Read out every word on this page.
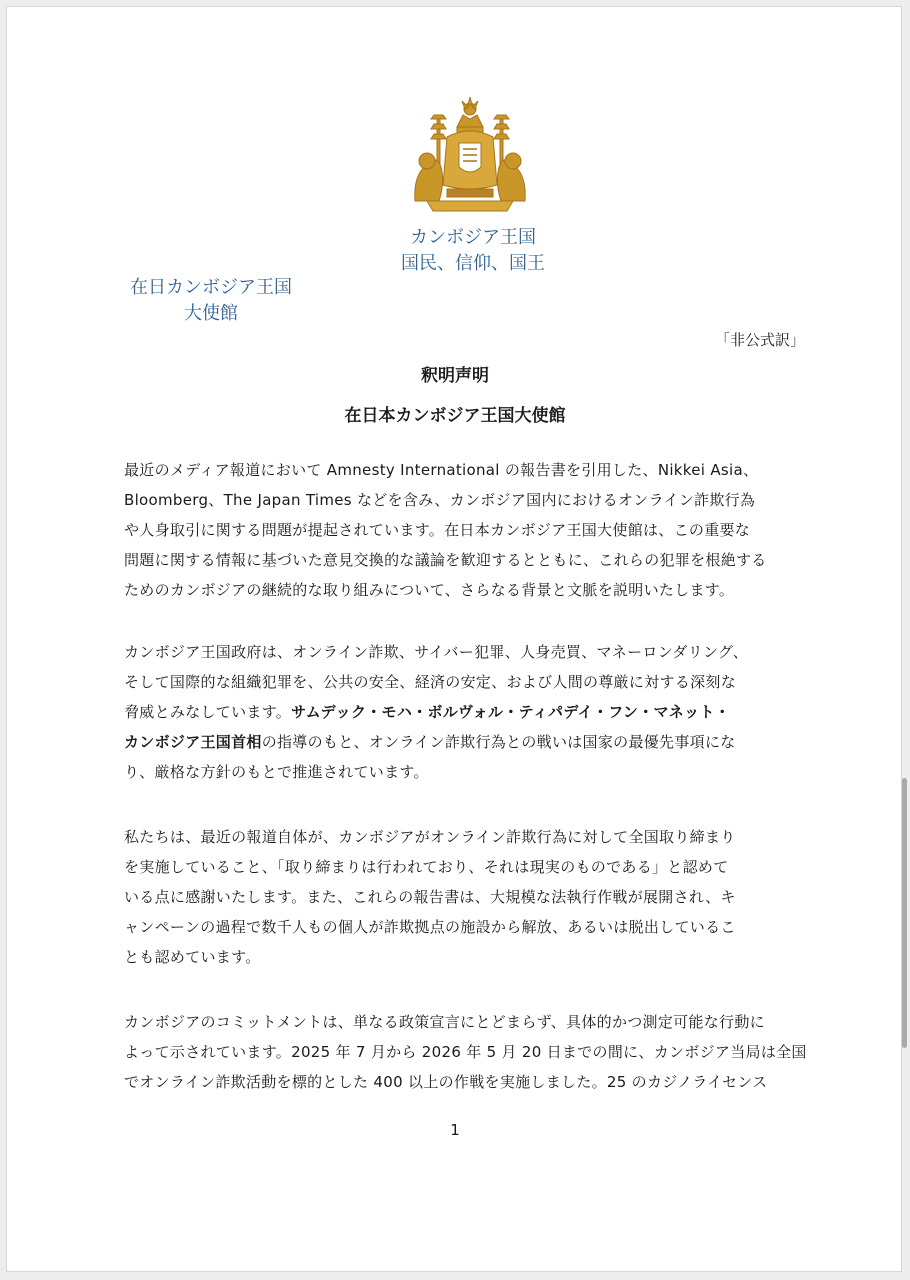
カンボジア王国
国民、信仰、国王
在日カンボジア王国
大使館
「非公式訳」
釈明声明
在日本カンボジア王国大使館
最近のメディア報道において Amnesty International の報告書を引用した、Nikkei Asia、
Bloomberg、The Japan Times などを含み、カンボジア国内におけるオンライン詐欺行為
や人身取引に関する問題が提起されています。在日本カンボジア王国大使館は、この重要な
問題に関する情報に基づいた意見交換的な議論を歓迎するとともに、これらの犯罪を根絶する
ためのカンボジアの継続的な取り組みについて、さらなる背景と文脈を説明いたします。
カンボジア王国政府は、オンライン詐欺、サイバー犯罪、人身売買、マネーロンダリング、
そして国際的な組織犯罪を、公共の安全、経済の安定、および人間の尊厳に対する深刻な
脅威とみなしています。サムデック・モハ・ボルヴォル・ティパデイ・フン・マネット・
カンボジア王国首相の指導のもと、オンライン詐欺行為との戦いは国家の最優先事項にな
り、厳格な方針のもとで推進されています。
私たちは、最近の報道自体が、カンボジアがオンライン詐欺行為に対して全国取り締まり
を実施していること、「取り締まりは行われており、それは現実のものである」と認めて
いる点に感謝いたします。また、これらの報告書は、大規模な法執行作戦が展開され、キ
ャンペーンの過程で数千人もの個人が詐欺拠点の施設から解放、あるいは脱出しているこ
とも認めています。
カンボジアのコミットメントは、単なる政策宣言にとどまらず、具体的かつ測定可能な行動に
よって示されています。2025 年 7 月から 2026 年 5 月 20 日までの間に、カンボジア当局は全国
でオンライン詐欺活動を標的とした 400 以上の作戦を実施しました。25 のカジノライセンス
1
